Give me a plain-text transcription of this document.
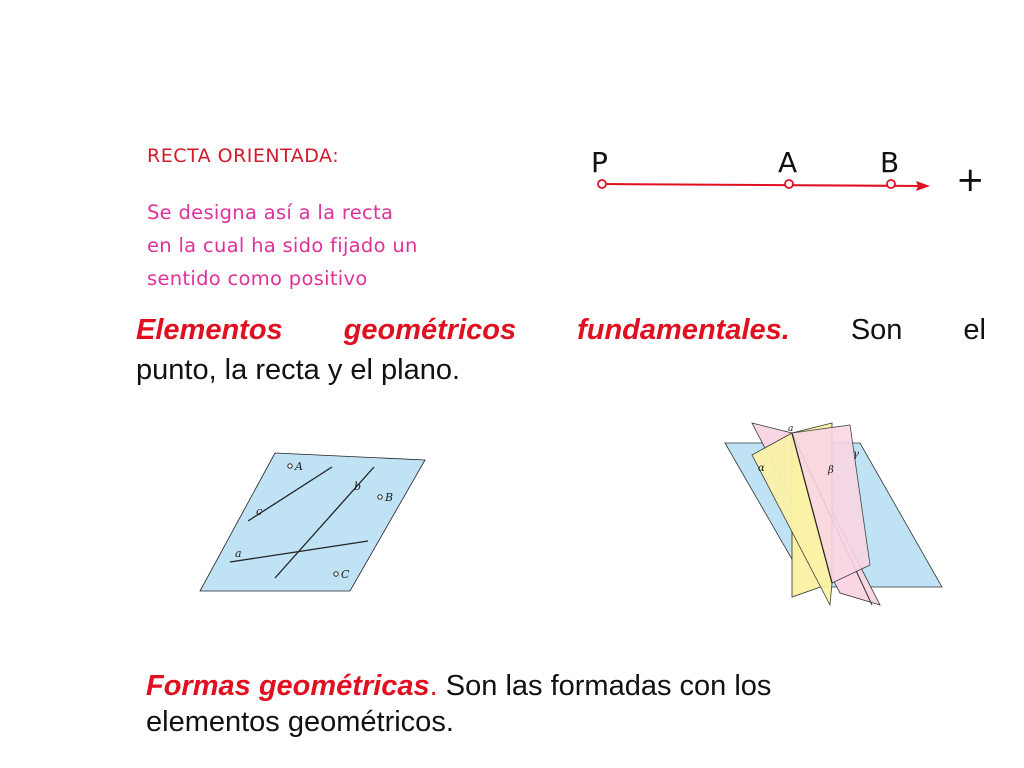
RECTA ORIENTADA:
Se designa así a la recta
en la cual ha sido fijado un
sentido como positivo
P	A	B +
Elementos geométricos fundamentales. Son el
punto, la recta y el plano.
A
B
C
a
b
c
a
α	β
γ
Formas geométricas. Son las formadas con los
elementos geométricos.
